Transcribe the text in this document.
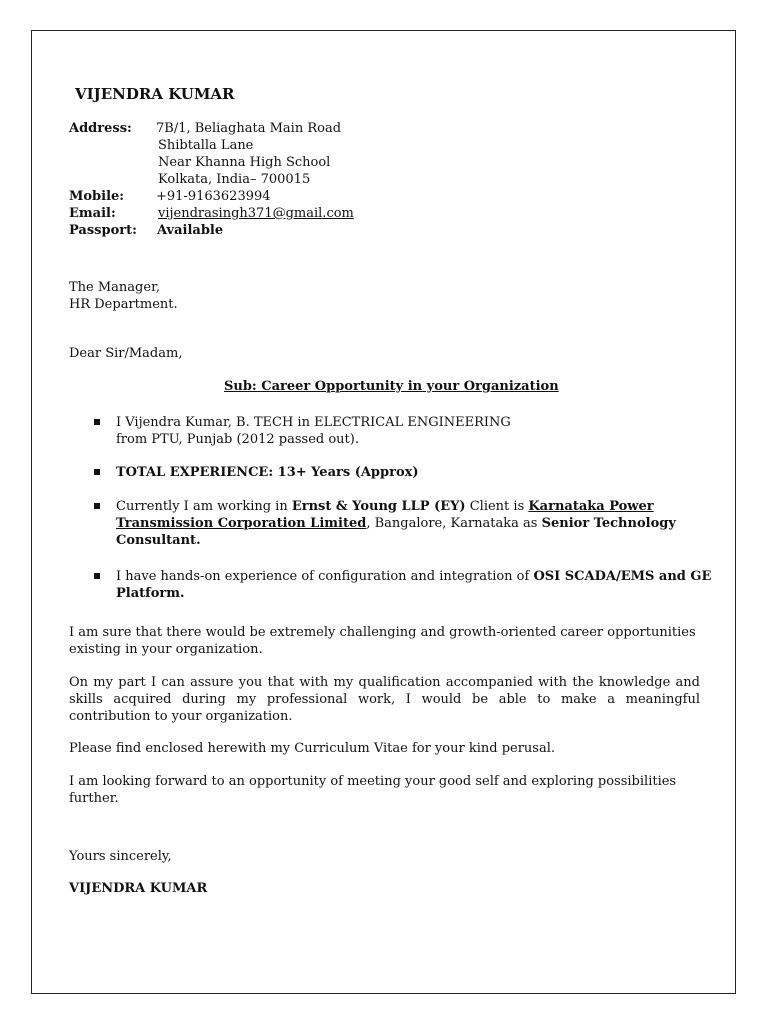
VIJENDRA KUMAR
Address: 7B/1, Beliaghata Main Road
Shibtalla Lane
Near Khanna High School
Kolkata, India– 700015
Mobile: +91-9163623994
Email:	vijendrasingh371@gmail.com
Passport: Available
The Manager,
HR Department.
Dear Sir/Madam,
Sub: Career Opportunity in your Organization
I Vijendra Kumar, B. TECH in ELECTRICAL ENGINEERING
from PTU, Punjab (2012 passed out).
TOTAL EXPERIENCE: 13+ Years (Approx)
Currently I am working in Ernst & Young LLP (EY) Client is Karnataka Power
Transmission Corporation Limited, Bangalore, Karnataka as Senior Technology
Consultant.
I have hands-on experience of configuration and integration of OSI SCADA/EMS and GE
Platform.
I am sure that there would be extremely challenging and growth-oriented career opportunities
existing in your organization.
On my part I can assure you that with my qualification accompanied with the knowledge and skills acquired during my professional work, I would be able to make a meaningful contribution to your organization.
Please find enclosed herewith my Curriculum Vitae for your kind perusal.
I am looking forward to an opportunity of meeting your good self and exploring possibilities
further.
Yours sincerely,
VIJENDRA KUMAR
